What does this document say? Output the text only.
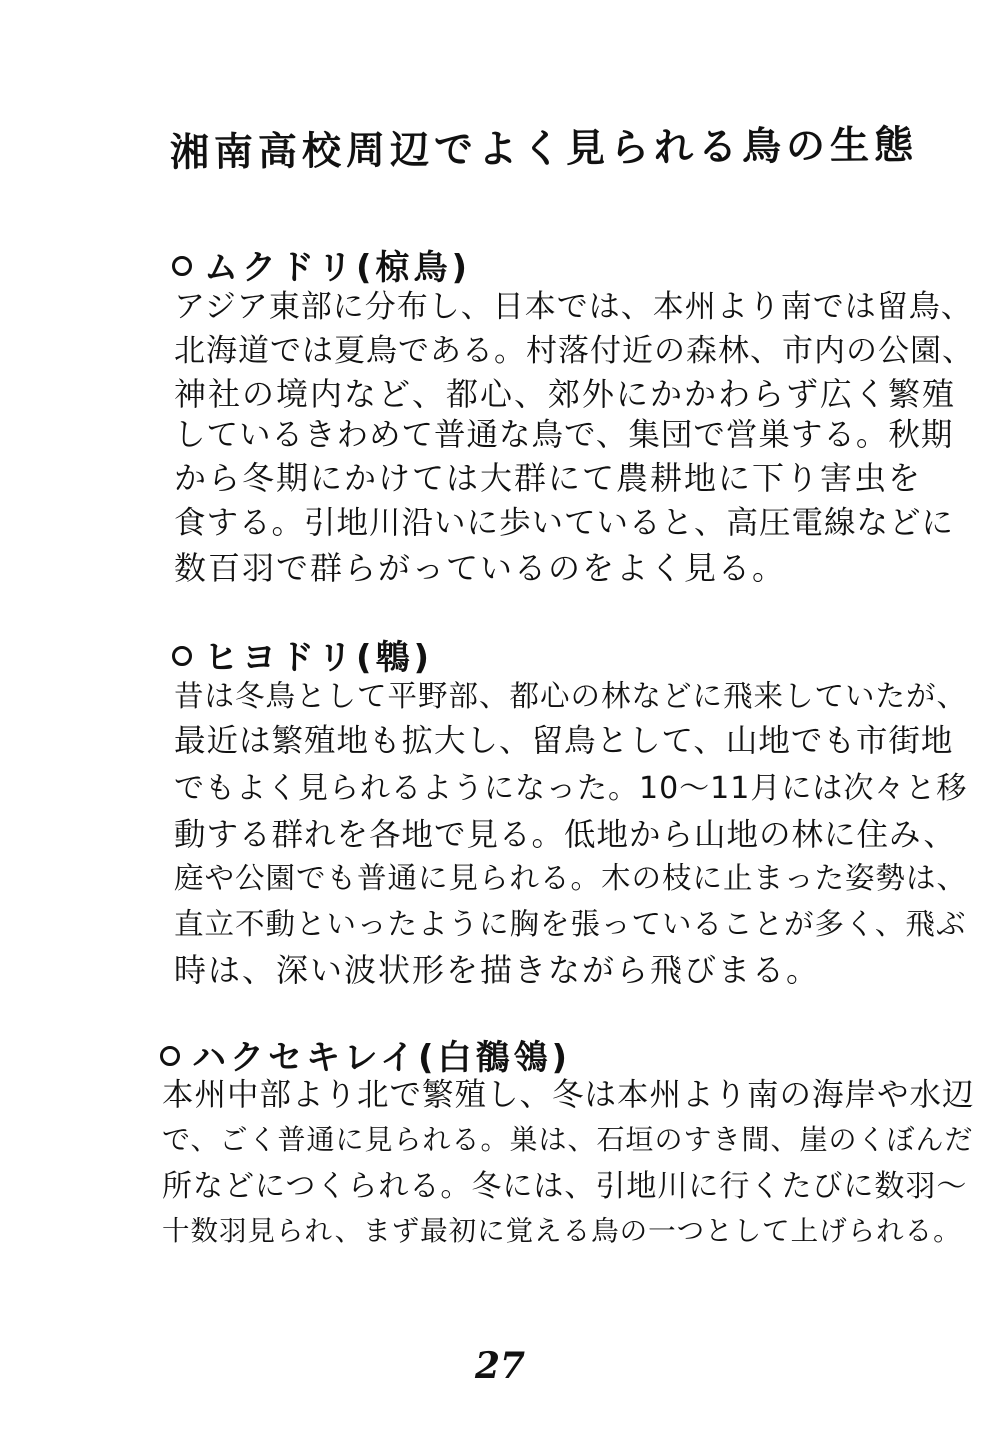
湘南高校周辺でよく見られる鳥の生態
ムクドリ(椋鳥)
アジア東部に分布し、日本では、本州より南では留鳥、
北海道では夏鳥である。村落付近の森林、市内の公園、
神社の境内など、都心、郊外にかかわらず広く繁殖
しているきわめて普通な鳥で、集団で営巣する。秋期
から冬期にかけては大群にて農耕地に下り害虫を
食する。引地川沿いに歩いていると、高圧電線などに
数百羽で群らがっているのをよく見る。
ヒヨドリ(鵯)
昔は冬鳥として平野部、都心の林などに飛来していたが、
最近は繁殖地も拡大し、留鳥として、山地でも市街地
でもよく見られるようになった。10〜11月には次々と移
動する群れを各地で見る。低地から山地の林に住み、
庭や公園でも普通に見られる。木の枝に止まった姿勢は、
直立不動といったように胸を張っていることが多く、飛ぶ
時は、深い波状形を描きながら飛びまる。
ハクセキレイ(白鶺鴒)
本州中部より北で繁殖し、冬は本州より南の海岸や水辺
で、ごく普通に見られる。巣は、石垣のすき間、崖のくぼんだ
所などにつくられる。冬には、引地川に行くたびに数羽〜
十数羽見られ、まず最初に覚える鳥の一つとして上げられる。
27
